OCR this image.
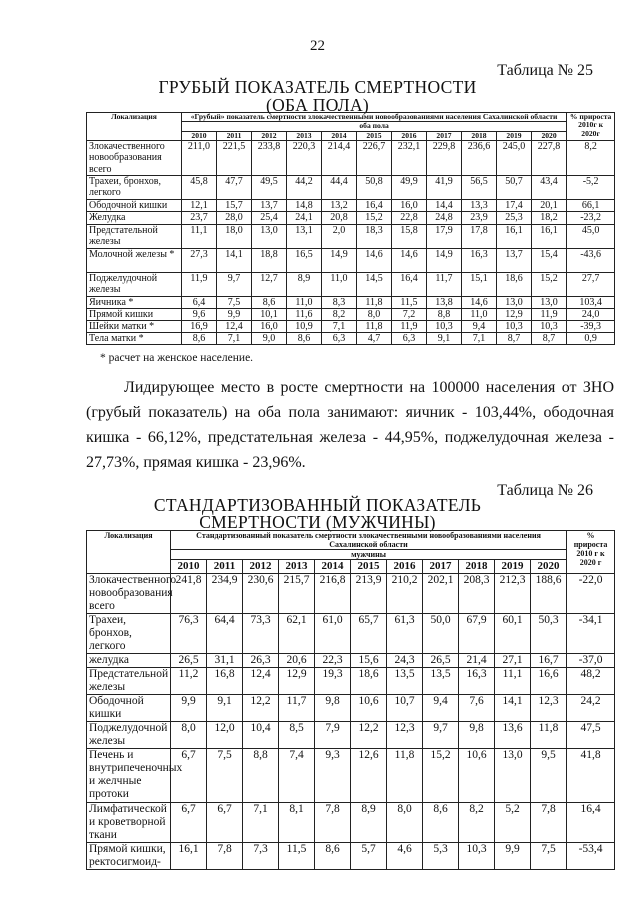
22
Таблица № 25
ГРУБЫЙ ПОКАЗАТЕЛЬ СМЕРТНОСТИ
(ОБА ПОЛА)
Локализация	«Грубый» показатель смертности злокачественными новообразованиями населения Сахалинской области											% прироста 2010г к 2020г
	оба пола											
	2010	2011	2012	2013	2014	2015	2016	2017	2018	2019	2020	
Злокачественного новообразования всего	211,0	221,5	233,8	220,3	214,4	226,7	232,1	229,8	236,6	245,0	227,8	8,2
Трахеи, бронхов, легкого	45,8	47,7	49,5	44,2	44,4	50,8	49,9	41,9	56,5	50,7	43,4	-5,2
Ободочной кишки	12,1	15,7	13,7	14,8	13,2	16,4	16,0	14,4	13,3	17,4	20,1	66,1
Желудка	23,7	28,0	25,4	24,1	20,8	15,2	22,8	24,8	23,9	25,3	18,2	-23,2
Предстательной железы	11,1	18,0	13,0	13,1	2,0	18,3	15,8	17,9	17,8	16,1	16,1	45,0
Молочной железы *	27,3	14,1	18,8	16,5	14,9	14,6	14,6	14,9	16,3	13,7	15,4	-43,6
Поджелудочной железы	11,9	9,7	12,7	8,9	11,0	14,5	16,4	11,7	15,1	18,6	15,2	27,7
Яичника *	6,4	7,5	8,6	11,0	8,3	11,8	11,5	13,8	14,6	13,0	13,0	103,4
Прямой кишки	9,6	9,9	10,1	11,6	8,2	8,0	7,2	8,8	11,0	12,9	11,9	24,0
Шейки матки *	16,9	12,4	16,0	10,9	7,1	11,8	11,9	10,3	9,4	10,3	10,3	-39,3
Тела матки *	8,6	7,1	9,0	8,6	6,3	4,7	6,3	9,1	7,1	8,7	8,7	0,9
* расчет на женское население.

Лидирующее место в росте смертности на 100000 населения от ЗНО (грубый показатель) на оба пола занимают: яичник - 103,44%, ободочная кишка - 66,12%, предстательная железа - 44,95%, поджелудочная железа - 27,73%, прямая кишка - 23,96%.

Таблица № 26
СТАНДАРТИЗОВАННЫЙ ПОКАЗАТЕЛЬ
СМЕРТНОСТИ (МУЖЧИНЫ)
Локализация	Стандартизованный показатель смертности злокачественными новообразованиями населения Сахалинской области											% прироста 2010 г к 2020 г
	мужчины											
	2010	2011	2012	2013	2014	2015	2016	2017	2018	2019	2020	
Злокачественного новообразования всего	241,8	234,9	230,6	215,7	216,8	213,9	210,2	202,1	208,3	212,3	188,6	-22,0
Трахеи, бронхов, легкого	76,3	64,4	73,3	62,1	61,0	65,7	61,3	50,0	67,9	60,1	50,3	-34,1
желудка	26,5	31,1	26,3	20,6	22,3	15,6	24,3	26,5	21,4	27,1	16,7	-37,0
Предстательной железы	11,2	16,8	12,4	12,9	19,3	18,6	13,5	13,5	16,3	11,1	16,6	48,2
Ободочной кишки	9,9	9,1	12,2	11,7	9,8	10,6	10,7	9,4	7,6	14,1	12,3	24,2
Поджелудочной железы	8,0	12,0	10,4	8,5	7,9	12,2	12,3	9,7	9,8	13,6	11,8	47,5
Печень и внутрипеченочных и желчные протоки	6,7	7,5	8,8	7,4	9,3	12,6	11,8	15,2	10,6	13,0	9,5	41,8
Лимфатической и кроветворной ткани	6,7	6,7	7,1	8,1	7,8	8,9	8,0	8,6	8,2	5,2	7,8	16,4
Прямой кишки, ректосигмоид-	16,1	7,8	7,3	11,5	8,6	5,7	4,6	5,3	10,3	9,9	7,5	-53,4
